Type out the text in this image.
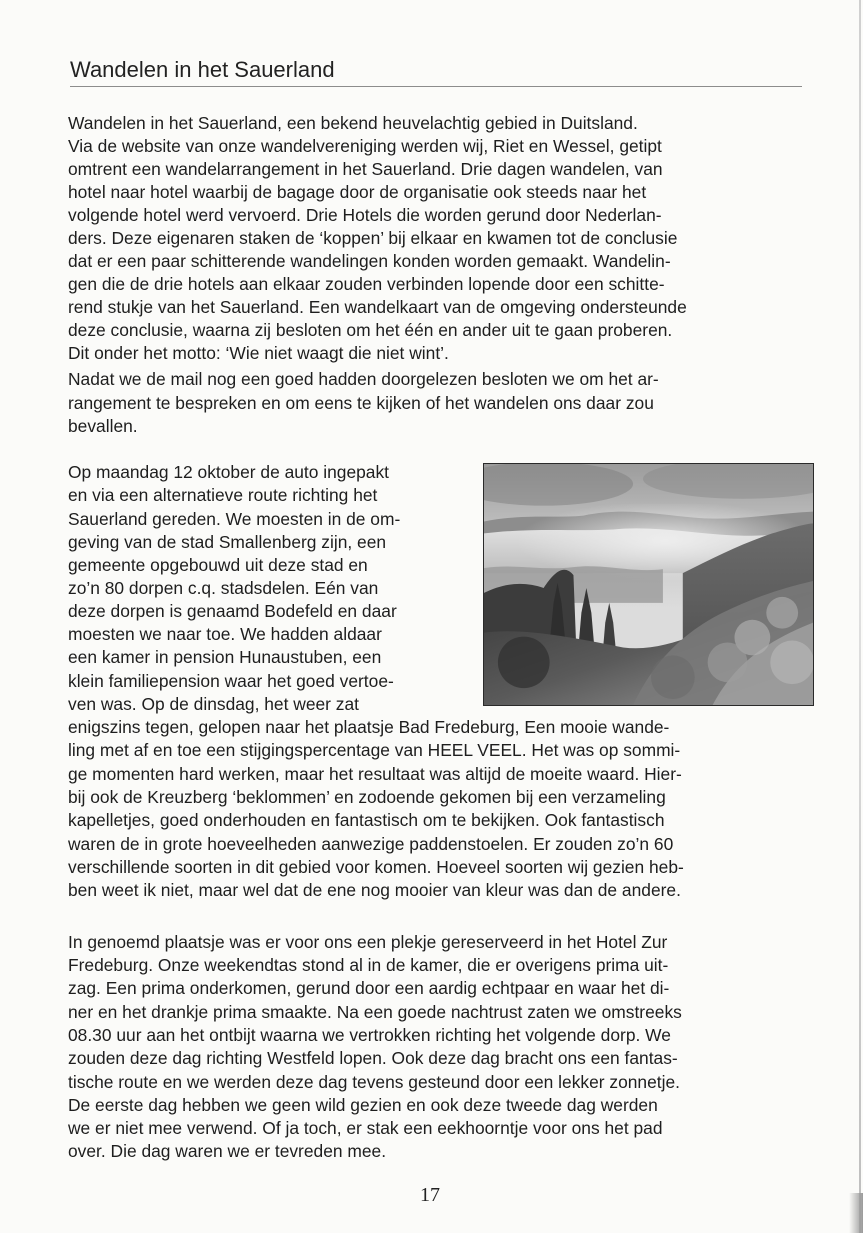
Wandelen in het Sauerland
Wandelen in het Sauerland, een bekend heuvelachtig gebied in Duitsland.
Via de website van onze wandelvereniging werden wij, Riet en Wessel, getipt
omtrent een wandelarrangement in het Sauerland. Drie dagen wandelen, van
hotel naar hotel waarbij de bagage door de organisatie ook steeds naar het
volgende hotel werd vervoerd. Drie Hotels die worden gerund door Nederlan-
ders. Deze eigenaren staken de ‘koppen’ bij elkaar en kwamen tot de conclusie
dat er een paar schitterende wandelingen konden worden gemaakt. Wandelin-
gen die de drie hotels aan elkaar zouden verbinden lopende door een schitte-
rend stukje van het Sauerland. Een wandelkaart van de omgeving ondersteunde
deze conclusie, waarna zij besloten om het één en ander uit te gaan proberen.
Dit onder het motto: ‘Wie niet waagt die niet wint’.
Nadat we de mail nog een goed hadden doorgelezen besloten we om het ar-
rangement te bespreken en om eens te kijken of het wandelen ons daar zou
bevallen.
Op maandag 12 oktober de auto ingepakt
en via een alternatieve route richting het
Sauerland gereden. We moesten in de om-
geving van de stad Smallenberg zijn, een
gemeente opgebouwd uit deze stad en
zo’n 80 dorpen c.q. stadsdelen. Eén van
deze dorpen is genaamd Bodefeld en daar
moesten we naar toe. We hadden aldaar
een kamer in pension Hunaustuben, een
klein familiepension waar het goed vertoe-
ven was. Op de dinsdag, het weer zat
enigszins tegen, gelopen naar het plaatsje Bad Fredeburg, Een mooie wande-
ling met af en toe een stijgingspercentage van HEEL VEEL. Het was op sommi-
ge momenten hard werken, maar het resultaat was altijd de moeite waard. Hier-
bij ook de Kreuzberg ‘beklommen’ en zodoende gekomen bij een verzameling
kapelletjes, goed onderhouden en fantastisch om te bekijken. Ook fantastisch
waren de in grote hoeveelheden aanwezige paddenstoelen. Er zouden zo’n 60
verschillende soorten in dit gebied voor komen. Hoeveel soorten wij gezien heb-
ben weet ik niet, maar wel dat de ene nog mooier van kleur was dan de andere.
In genoemd plaatsje was er voor ons een plekje gereserveerd in het Hotel Zur
Fredeburg. Onze weekendtas stond al in de kamer, die er overigens prima uit-
zag. Een prima onderkomen, gerund door een aardig echtpaar en waar het di-
ner en het drankje prima smaakte. Na een goede nachtrust zaten we omstreeks
08.30 uur aan het ontbijt waarna we vertrokken richting het volgende dorp. We
zouden deze dag richting Westfeld lopen. Ook deze dag bracht ons een fantas-
tische route en we werden deze dag tevens gesteund door een lekker zonnetje.
De eerste dag hebben we geen wild gezien en ook deze tweede dag werden
we er niet mee verwend. Of ja toch, er stak een eekhoorntje voor ons het pad
over. Die dag waren we er tevreden mee.
17
